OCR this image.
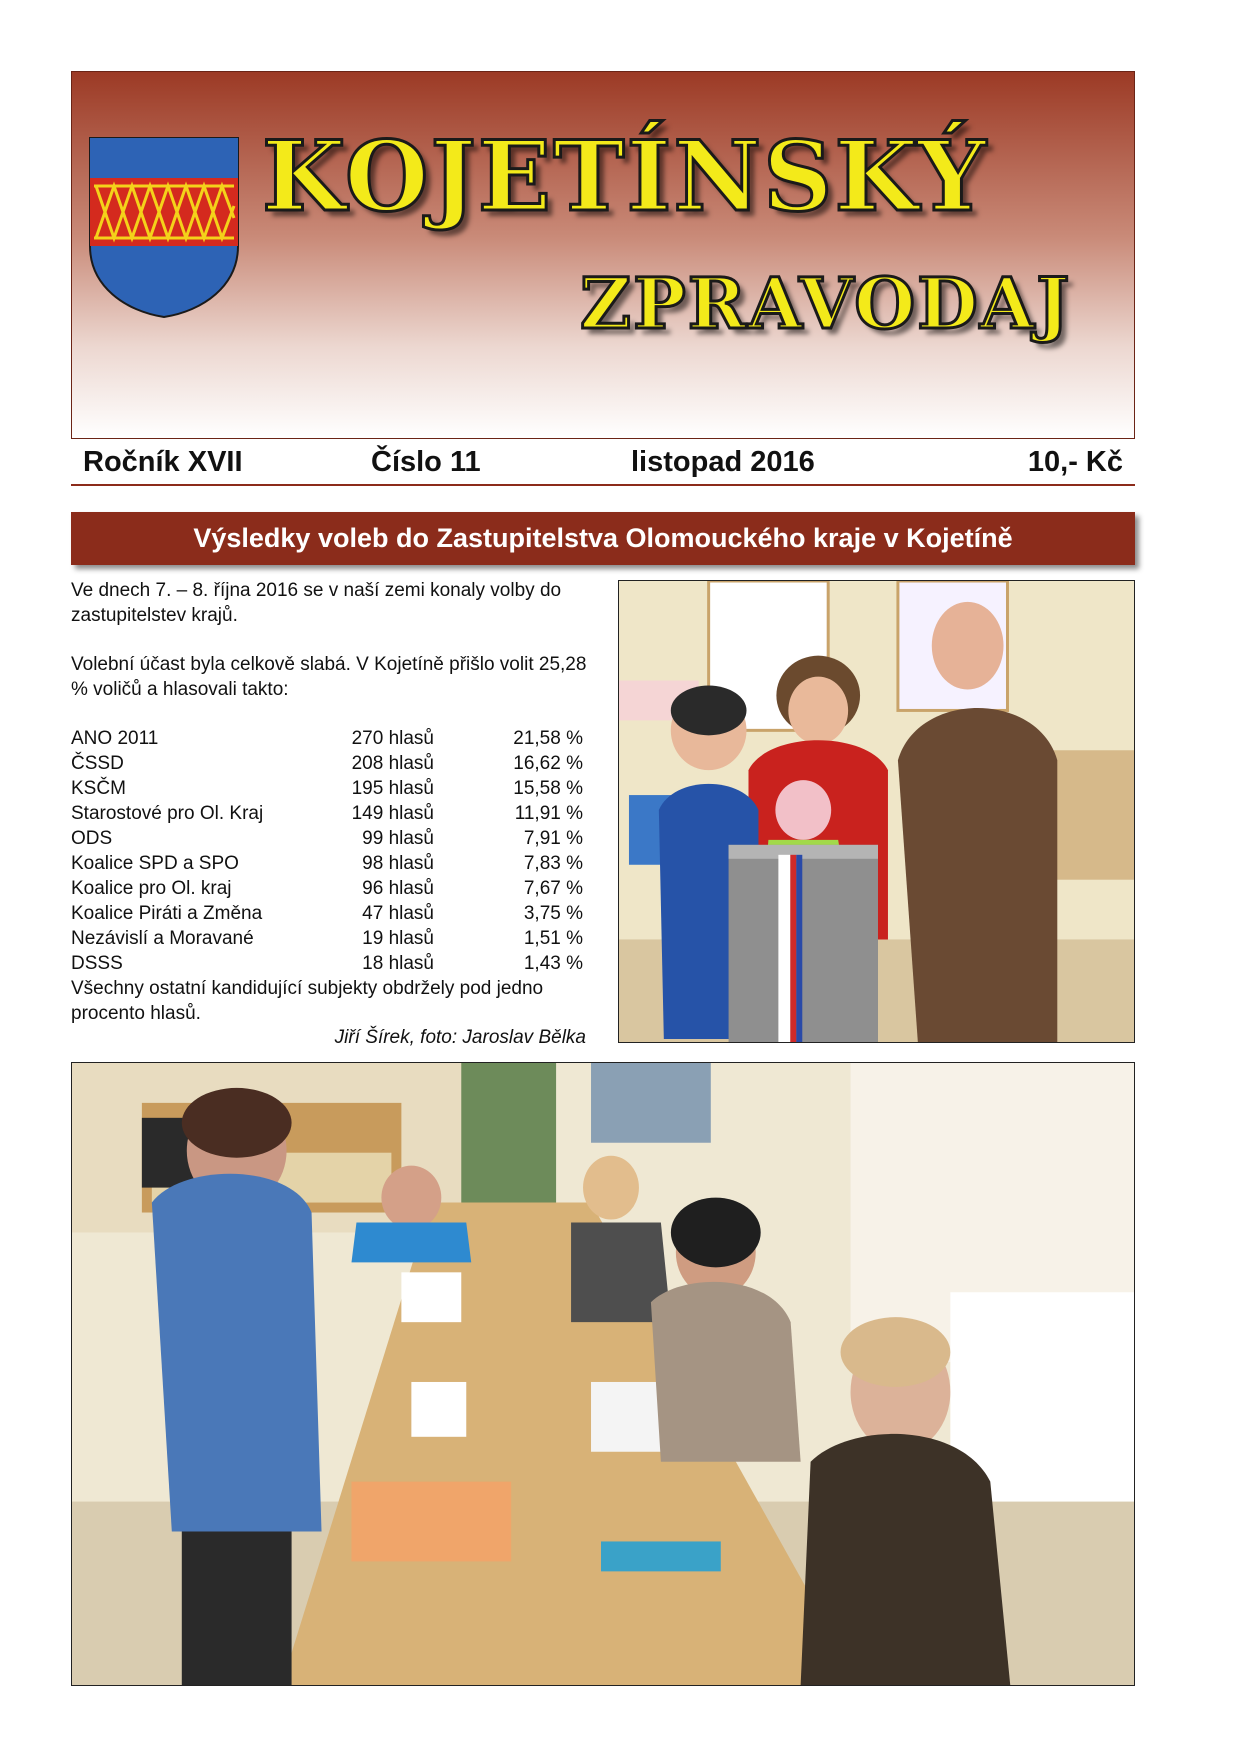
KOJETÍNSKÝ
ZPRAVODAJ
Ročník XVII	Číslo 11	listopad 2016	10,- Kč
Výsledky voleb do Zastupitelstva Olomouckého kraje v Kojetíně
Ve dnech 7. – 8. října 2016 se v naší zemi konaly volby do zastupitelstev krajů.
Volební účast byla celkově slabá. V Kojetíně přišlo volit 25,28 % voličů a hlasovali takto:
ANO 2011	270 hlasů	21,58 %
ČSSD	208 hlasů	16,62 %
KSČM	195 hlasů	15,58 %
Starostové pro Ol. Kraj	149 hlasů	11,91 %
ODS	99 hlasů	7,91 %
Koalice SPD a SPO	98 hlasů	7,83 %
Koalice pro Ol. kraj	96 hlasů	7,67 %
Koalice Piráti a Změna	47 hlasů	3,75 %
Nezávislí a Moravané	19 hlasů	1,51 %
DSSS	18 hlasů	1,43 %
Všechny ostatní kandidující subjekty obdržely pod jedno procento hlasů.
Jiří Šírek, foto: Jaroslav Bělka
